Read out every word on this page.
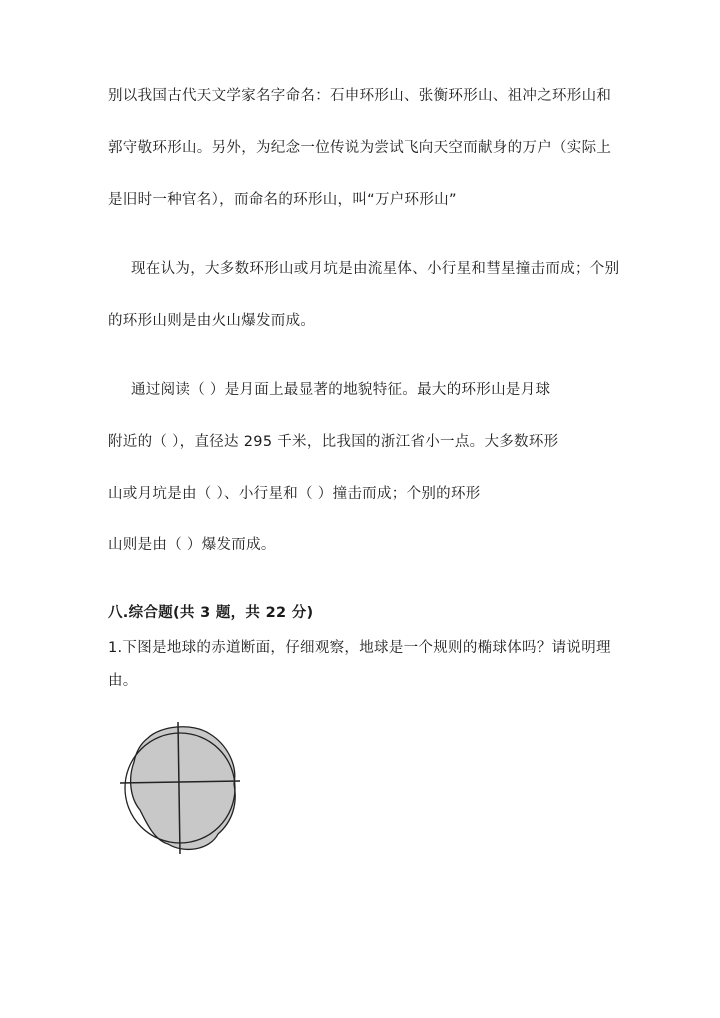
别以我国古代天文学家名字命名：石申环形山、张衡环形山、祖冲之环形山和

郭守敬环形山。另外，为纪念一位传说为尝试飞向天空而献身的万户（实际上

是旧时一种官名），而命名的环形山，叫“万户环形山”

现在认为，大多数环形山或月坑是由流星体、小行星和彗星撞击而成；个别

的环形山则是由火山爆发而成。

通过阅读（ ）是月面上最显著的地貌特征。最大的环形山是月球

附近的（ ），直径达 295 千米，比我国的浙江省小一点。大多数环形

山或月坑是由（ ）、小行星和（ ）撞击而成；个别的环形

山则是由（ ）爆发而成。

八.综合题(共 3 题，共 22 分)

1.下图是地球的赤道断面，仔细观察，地球是一个规则的椭球体吗？请说明理

由。
